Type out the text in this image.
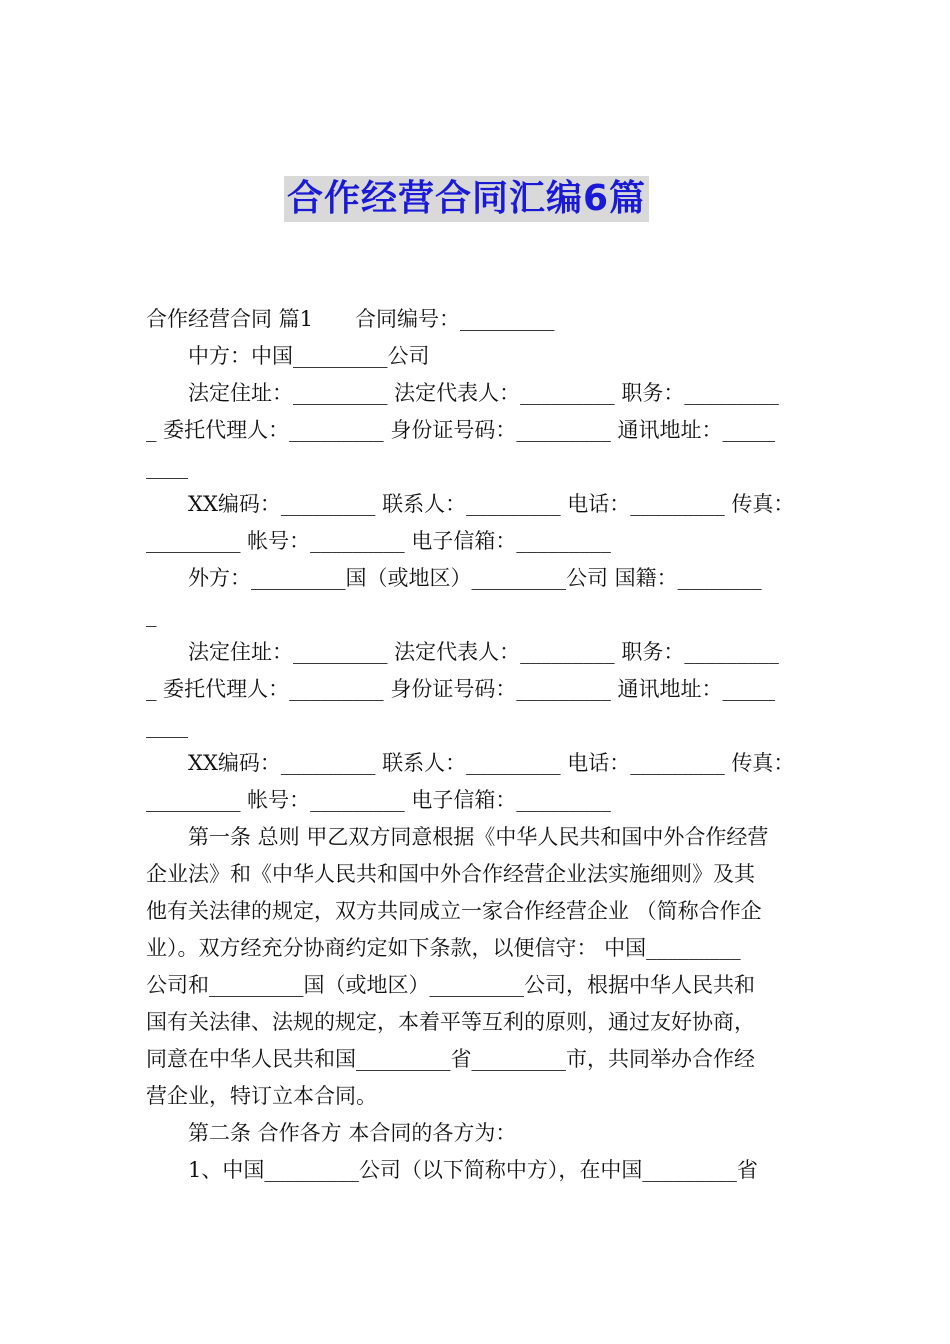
合作经营合同汇编6篇
合作经营合同 篇1　　合同编号：_________
　　中方：中国_________公司
　　法定住址：_________ 法定代表人：_________ 职务：_________
_ 委托代理人：_________ 身份证号码：_________ 通讯地址：_____
____
　　XX编码：_________ 联系人：_________ 电话：_________ 传真：
_________ 帐号：_________ 电子信箱：_________
　　外方：_________国（或地区）_________公司 国籍：________
_
　　法定住址：_________ 法定代表人：_________ 职务：_________
_ 委托代理人：_________ 身份证号码：_________ 通讯地址：_____
____
　　XX编码：_________ 联系人：_________ 电话：_________ 传真：
_________ 帐号：_________ 电子信箱：_________
　　第一条 总则 甲乙双方同意根据《中华人民共和国中外合作经营
企业法》和《中华人民共和国中外合作经营企业法实施细则》及其
他有关法律的规定，双方共同成立一家合作经营企业 （简称合作企
业）。双方经充分协商约定如下条款，以便信守： 中国_________
公司和_________国（或地区）_________公司，根据中华人民共和
国有关法律、法规的规定，本着平等互利的原则，通过友好协商，
同意在中华人民共和国_________省_________市，共同举办合作经
营企业，特订立本合同。
　　第二条 合作各方 本合同的各方为：
　　1、中国_________公司（以下简称中方），在中国_________省
